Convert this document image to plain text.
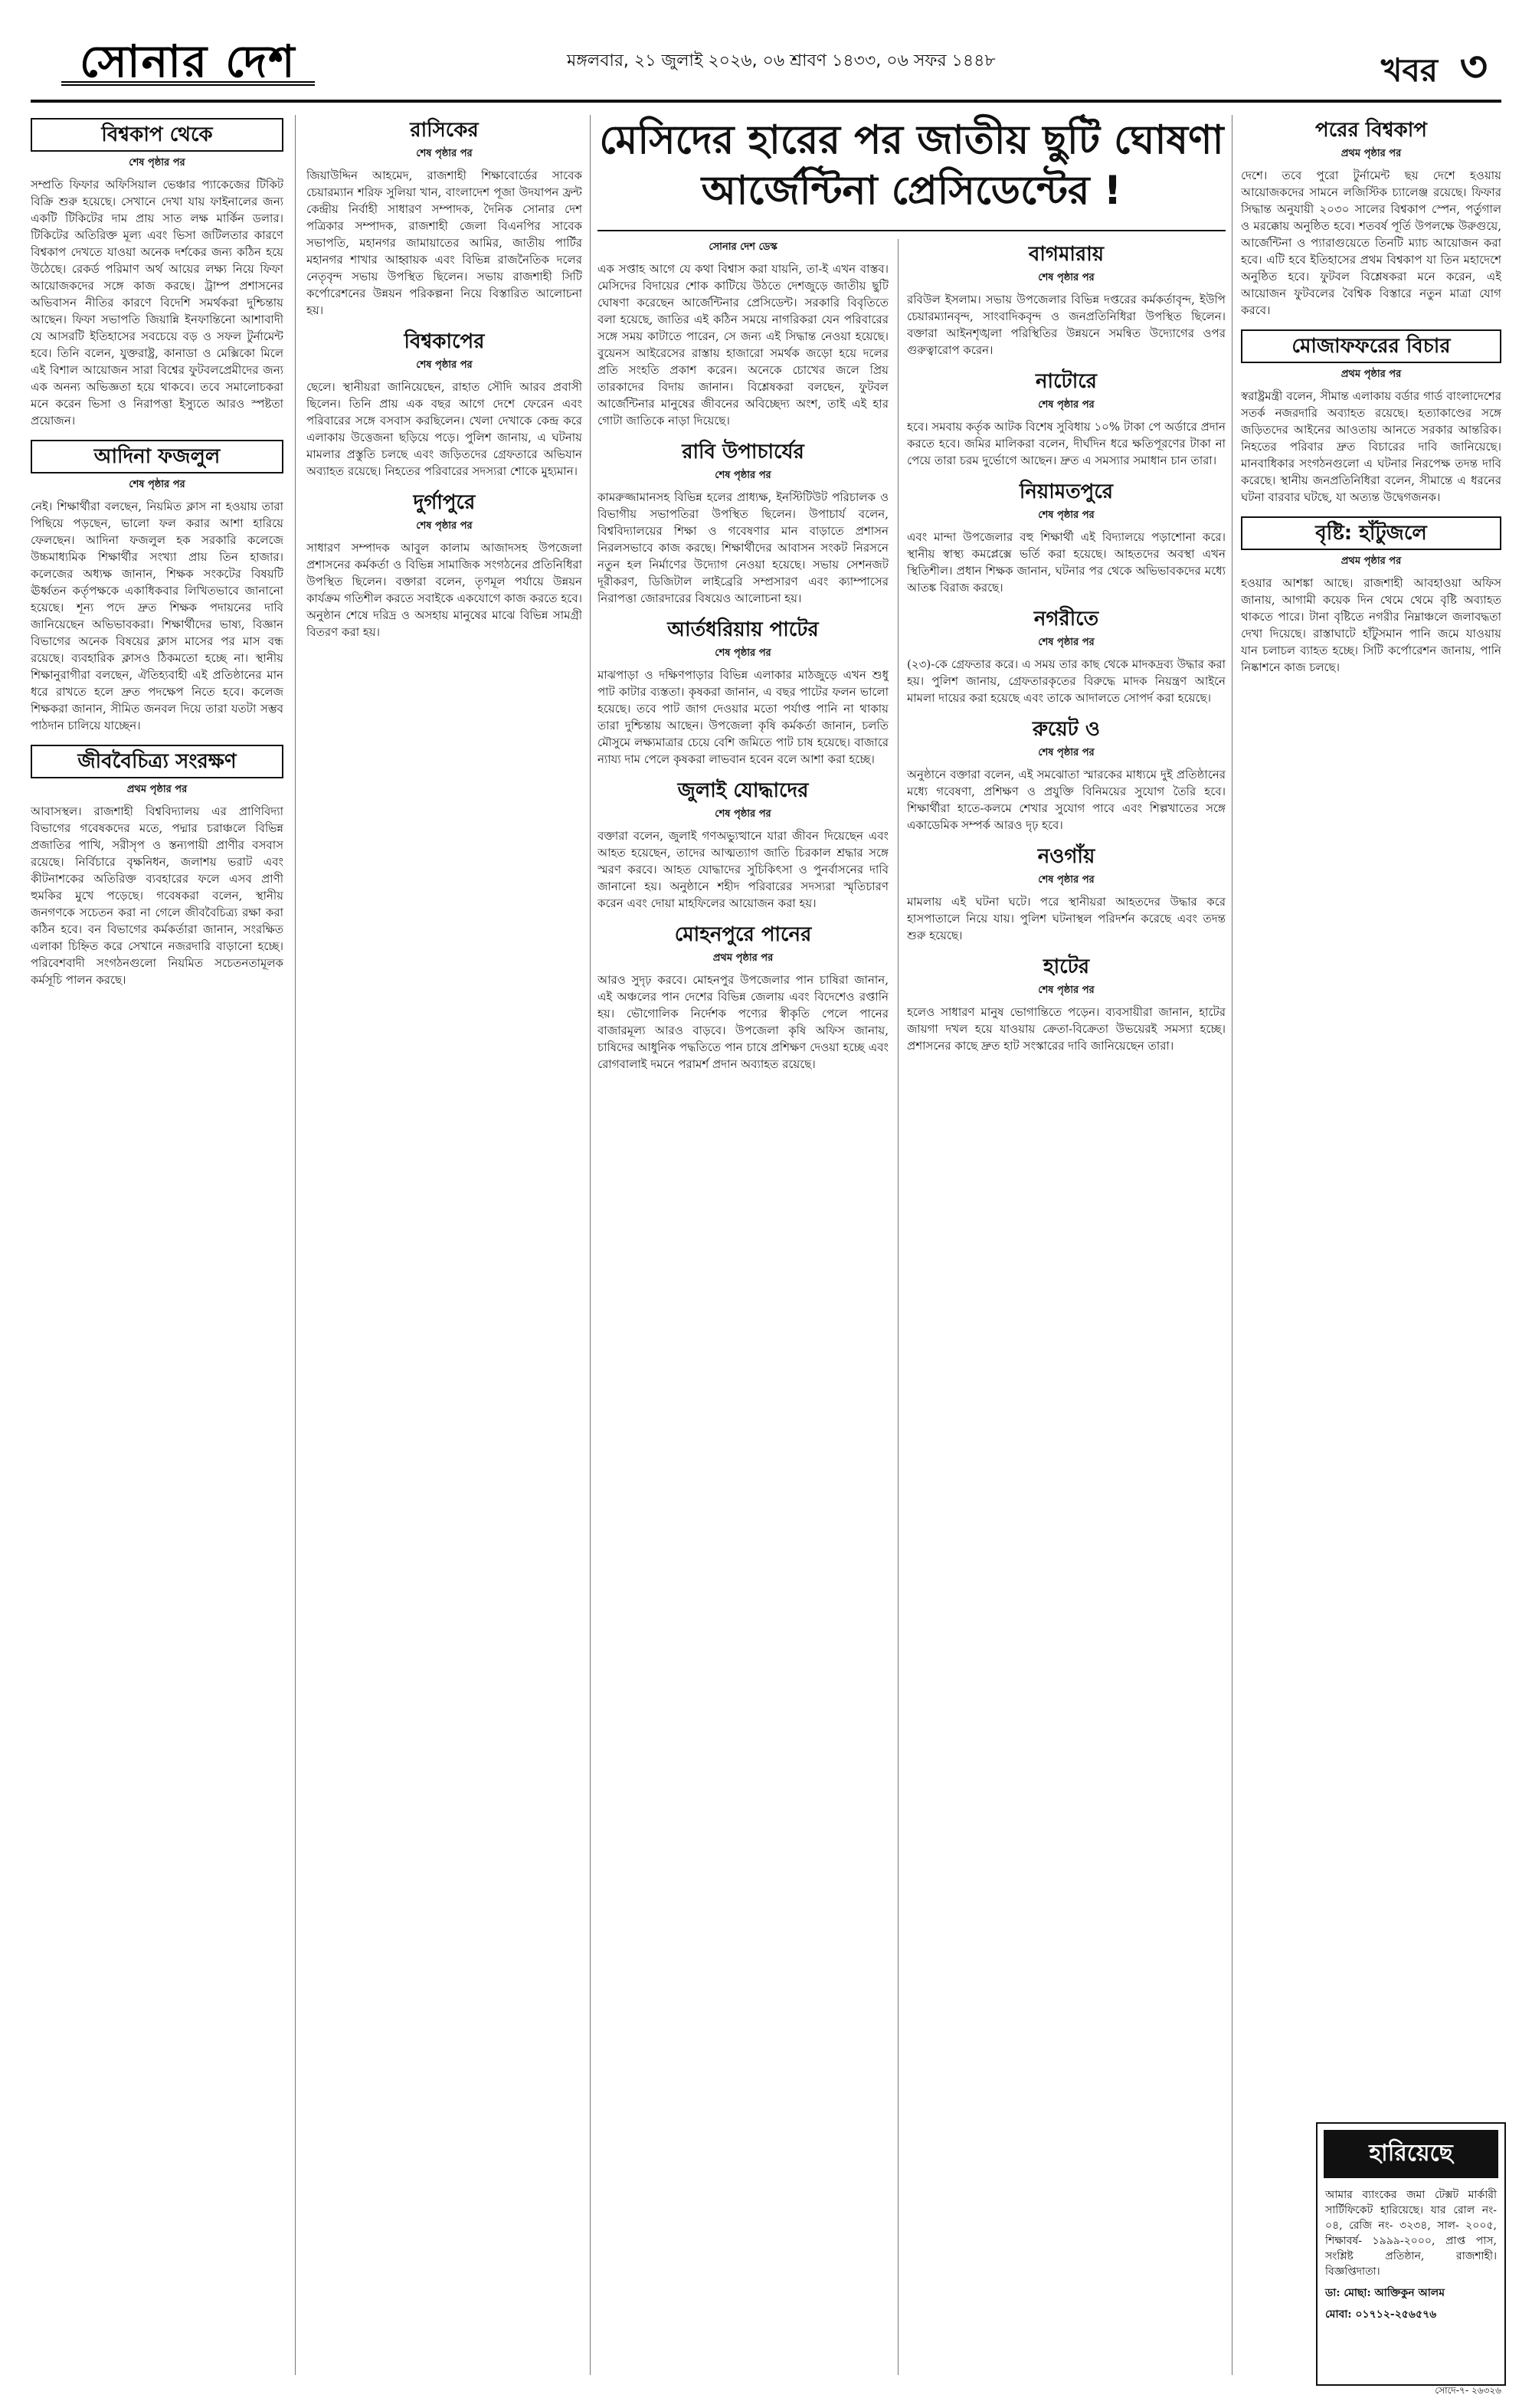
সোনার দেশ	মঙ্গলবার, ২১ জুলাই ২০২৬, ০৬ শ্রাবণ ১৪৩৩, ০৬ সফর ১৪৪৮	খবর ৩
বিশ্বকাপ থেকে
শেষ পৃষ্ঠার পর
সম্প্রতি ফিফার অফিসিয়াল ভেঞ্চার প্যাকেজের টিকিট বিক্রি শুরু হয়েছে। সেখানে দেখা যায় ফাইনালের জন্য একটি টিকিটের দাম প্রায় সাত লক্ষ মার্কিন ডলার। টিকিটের অতিরিক্ত মূল্য এবং ভিসা জটিলতার কারণে বিশ্বকাপ দেখতে যাওয়া অনেক দর্শকের জন্য কঠিন হয়ে উঠেছে। রেকর্ড পরিমাণ অর্থ আয়ের লক্ষ্য নিয়ে ফিফা আয়োজকদের সঙ্গে কাজ করছে। ট্রাম্প প্রশাসনের অভিবাসন নীতির কারণে বিদেশি সমর্থকরা দুশ্চিন্তায় আছেন। ফিফা সভাপতি জিয়ান্নি ইনফান্তিনো আশাবাদী যে আসরটি ইতিহাসের সবচেয়ে বড় ও সফল টুর্নামেন্ট হবে। তিনি বলেন, যুক্তরাষ্ট্র, কানাডা ও মেক্সিকো মিলে এই বিশাল আয়োজন সারা বিশ্বের ফুটবলপ্রেমীদের জন্য এক অনন্য অভিজ্ঞতা হয়ে থাকবে। তবে সমালোচকরা মনে করেন ভিসা ও নিরাপত্তা ইস্যুতে আরও স্পষ্টতা প্রয়োজন।
আদিনা ফজলুল
শেষ পৃষ্ঠার পর
নেই। শিক্ষার্থীরা বলছেন, নিয়মিত ক্লাস না হওয়ায় তারা পিছিয়ে পড়ছেন, ভালো ফল করার আশা হারিয়ে ফেলছেন। আদিনা ফজলুল হক সরকারি কলেজে উচ্চমাধ্যমিক শিক্ষার্থীর সংখ্যা প্রায় তিন হাজার। কলেজের অধ্যক্ষ জানান, শিক্ষক সংকটের বিষয়টি ঊর্ধ্বতন কর্তৃপক্ষকে একাধিকবার লিখিতভাবে জানানো হয়েছে। শূন্য পদে দ্রুত শিক্ষক পদায়নের দাবি জানিয়েছেন অভিভাবকরা। শিক্ষার্থীদের ভাষ্য, বিজ্ঞান বিভাগের অনেক বিষয়ের ক্লাস মাসের পর মাস বন্ধ রয়েছে। ব্যবহারিক ক্লাসও ঠিকমতো হচ্ছে না। স্থানীয় শিক্ষানুরাগীরা বলছেন, ঐতিহ্যবাহী এই প্রতিষ্ঠানের মান ধরে রাখতে হলে দ্রুত পদক্ষেপ নিতে হবে। কলেজ শিক্ষকরা জানান, সীমিত জনবল দিয়ে তারা যতটা সম্ভব পাঠদান চালিয়ে যাচ্ছেন।
জীববৈচিত্র্য সংরক্ষণ
প্রথম পৃষ্ঠার পর
আবাসস্থল। রাজশাহী বিশ্ববিদ্যালয় এর প্রাণিবিদ্যা বিভাগের গবেষকদের মতে, পদ্মার চরাঞ্চলে বিভিন্ন প্রজাতির পাখি, সরীসৃপ ও স্তন্যপায়ী প্রাণীর বসবাস রয়েছে। নির্বিচারে বৃক্ষনিধন, জলাশয় ভরাট এবং কীটনাশকের অতিরিক্ত ব্যবহারের ফলে এসব প্রাণী হুমকির মুখে পড়েছে। গবেষকরা বলেন, স্থানীয় জনগণকে সচেতন করা না গেলে জীববৈচিত্র্য রক্ষা করা কঠিন হবে। বন বিভাগের কর্মকর্তারা জানান, সংরক্ষিত এলাকা চিহ্নিত করে সেখানে নজরদারি বাড়ানো হচ্ছে। পরিবেশবাদী সংগঠনগুলো নিয়মিত সচেতনতামূলক কর্মসূচি পালন করছে।
রাসিকের
শেষ পৃষ্ঠার পর
জিয়াউদ্দিন আহমেদ, রাজশাহী শিক্ষাবোর্ডের সাবেক চেয়ারম্যান শরিফ সুলিয়া খান, বাংলাদেশ পূজা উদযাপন ফ্রন্ট কেন্দ্রীয় নির্বাহী সাধারণ সম্পাদক, দৈনিক সোনার দেশ পত্রিকার সম্পাদক, রাজশাহী জেলা বিএনপির সাবেক সভাপতি, মহানগর জামায়াতের আমির, জাতীয় পার্টির মহানগর শাখার আহ্বায়ক এবং বিভিন্ন রাজনৈতিক দলের নেতৃবৃন্দ সভায় উপস্থিত ছিলেন। সভায় রাজশাহী সিটি কর্পোরেশনের উন্নয়ন পরিকল্পনা নিয়ে বিস্তারিত আলোচনা হয়।
বিশ্বকাপের
শেষ পৃষ্ঠার পর
ছেলে। স্থানীয়রা জানিয়েছেন, রাহাত সৌদি আরব প্রবাসী ছিলেন। তিনি প্রায় এক বছর আগে দেশে ফেরেন এবং পরিবারের সঙ্গে বসবাস করছিলেন। খেলা দেখাকে কেন্দ্র করে এলাকায় উত্তেজনা ছড়িয়ে পড়ে। পুলিশ জানায়, এ ঘটনায় মামলার প্রস্তুতি চলছে এবং জড়িতদের গ্রেফতারে অভিযান অব্যাহত রয়েছে। নিহতের পরিবারের সদস্যরা শোকে মুহ্যমান।
দুর্গাপুরে
শেষ পৃষ্ঠার পর
সাধারণ সম্পাদক আবুল কালাম আজাদসহ উপজেলা প্রশাসনের কর্মকর্তা ও বিভিন্ন সামাজিক সংগঠনের প্রতিনিধিরা উপস্থিত ছিলেন। বক্তারা বলেন, তৃণমূল পর্যায়ে উন্নয়ন কার্যক্রম গতিশীল করতে সবাইকে একযোগে কাজ করতে হবে। অনুষ্ঠান শেষে দরিদ্র ও অসহায় মানুষের মাঝে বিভিন্ন সামগ্রী বিতরণ করা হয়।
মেসিদের হারের পর জাতীয় ছুটি ঘোষণা আর্জেন্টিনা প্রেসিডেন্টের !
সোনার দেশ ডেস্ক
এক সপ্তাহ আগে যে কথা বিশ্বাস করা যায়নি, তা-ই এখন বাস্তব। মেসিদের বিদায়ের শোক কাটিয়ে উঠতে দেশজুড়ে জাতীয় ছুটি ঘোষণা করেছেন আর্জেন্টিনার প্রেসিডেন্ট। সরকারি বিবৃতিতে বলা হয়েছে, জাতির এই কঠিন সময়ে নাগরিকরা যেন পরিবারের সঙ্গে সময় কাটাতে পারেন, সে জন্য এই সিদ্ধান্ত নেওয়া হয়েছে। বুয়েনস আইরেসের রাস্তায় হাজারো সমর্থক জড়ো হয়ে দলের প্রতি সংহতি প্রকাশ করেন। অনেকে চোখের জলে প্রিয় তারকাদের বিদায় জানান। বিশ্লেষকরা বলছেন, ফুটবল আর্জেন্টিনার মানুষের জীবনের অবিচ্ছেদ্য অংশ, তাই এই হার গোটা জাতিকে নাড়া দিয়েছে।
রাবি উপাচার্যের
শেষ পৃষ্ঠার পর
কামরুজ্জামানসহ বিভিন্ন হলের প্রাধ্যক্ষ, ইনস্টিটিউট পরিচালক ও বিভাগীয় সভাপতিরা উপস্থিত ছিলেন। উপাচার্য বলেন, বিশ্ববিদ্যালয়ের শিক্ষা ও গবেষণার মান বাড়াতে প্রশাসন নিরলসভাবে কাজ করছে। শিক্ষার্থীদের আবাসন সংকট নিরসনে নতুন হল নির্মাণের উদ্যোগ নেওয়া হয়েছে। সভায় সেশনজট দূরীকরণ, ডিজিটাল লাইব্রেরি সম্প্রসারণ এবং ক্যাম্পাসের নিরাপত্তা জোরদারের বিষয়েও আলোচনা হয়।
আর্তধরিয়ায় পাটের
শেষ পৃষ্ঠার পর
মাঝপাড়া ও দক্ষিণপাড়ার বিভিন্ন এলাকার মাঠজুড়ে এখন শুধু পাট কাটার ব্যস্ততা। কৃষকরা জানান, এ বছর পাটের ফলন ভালো হয়েছে। তবে পাট জাগ দেওয়ার মতো পর্যাপ্ত পানি না থাকায় তারা দুশ্চিন্তায় আছেন। উপজেলা কৃষি কর্মকর্তা জানান, চলতি মৌসুমে লক্ষ্যমাত্রার চেয়ে বেশি জমিতে পাট চাষ হয়েছে। বাজারে ন্যায্য দাম পেলে কৃষকরা লাভবান হবেন বলে আশা করা হচ্ছে।
জুলাই যোদ্ধাদের
শেষ পৃষ্ঠার পর
বক্তারা বলেন, জুলাই গণঅভ্যুত্থানে যারা জীবন দিয়েছেন এবং আহত হয়েছেন, তাদের আত্মত্যাগ জাতি চিরকাল শ্রদ্ধার সঙ্গে স্মরণ করবে। আহত যোদ্ধাদের সুচিকিৎসা ও পুনর্বাসনের দাবি জানানো হয়। অনুষ্ঠানে শহীদ পরিবারের সদস্যরা স্মৃতিচারণ করেন এবং দোয়া মাহফিলের আয়োজন করা হয়।
মোহনপুরে পানের
প্রথম পৃষ্ঠার পর
আরও সুদৃঢ় করবে। মোহনপুর উপজেলার পান চাষিরা জানান, এই অঞ্চলের পান দেশের বিভিন্ন জেলায় এবং বিদেশেও রপ্তানি হয়। ভৌগোলিক নির্দেশক পণ্যের স্বীকৃতি পেলে পানের বাজারমূল্য আরও বাড়বে। উপজেলা কৃষি অফিস জানায়, চাষিদের আধুনিক পদ্ধতিতে পান চাষে প্রশিক্ষণ দেওয়া হচ্ছে এবং রোগবালাই দমনে পরামর্শ প্রদান অব্যাহত রয়েছে।
বাগমারায়
শেষ পৃষ্ঠার পর
রবিউল ইসলাম। সভায় উপজেলার বিভিন্ন দপ্তরের কর্মকর্তাবৃন্দ, ইউপি চেয়ারম্যানবৃন্দ, সাংবাদিকবৃন্দ ও জনপ্রতিনিধিরা উপস্থিত ছিলেন। বক্তারা আইনশৃঙ্খলা পরিস্থিতির উন্নয়নে সমন্বিত উদ্যোগের ওপর গুরুত্বারোপ করেন।
নাটোরে
শেষ পৃষ্ঠার পর
হবে। সমবায় কর্তৃক আটক বিশেষ সুবিধায় ১০% টাকা পে অর্ডারে প্রদান করতে হবে। জমির মালিকরা বলেন, দীর্ঘদিন ধরে ক্ষতিপূরণের টাকা না পেয়ে তারা চরম দুর্ভোগে আছেন। দ্রুত এ সমস্যার সমাধান চান তারা।
নিয়ামতপুরে
শেষ পৃষ্ঠার পর
এবং মান্দা উপজেলার বহু শিক্ষার্থী এই বিদ্যালয়ে পড়াশোনা করে। স্থানীয় স্বাস্থ্য কমপ্লেক্সে ভর্তি করা হয়েছে। আহতদের অবস্থা এখন স্থিতিশীল। প্রধান শিক্ষক জানান, ঘটনার পর থেকে অভিভাবকদের মধ্যে আতঙ্ক বিরাজ করছে।
নগরীতে
শেষ পৃষ্ঠার পর
(২৩)-কে গ্রেফতার করে। এ সময় তার কাছ থেকে মাদকদ্রব্য উদ্ধার করা হয়। পুলিশ জানায়, গ্রেফতারকৃতের বিরুদ্ধে মাদক নিয়ন্ত্রণ আইনে মামলা দায়ের করা হয়েছে এবং তাকে আদালতে সোপর্দ করা হয়েছে।
রুয়েট ও
শেষ পৃষ্ঠার পর
অনুষ্ঠানে বক্তারা বলেন, এই সমঝোতা স্মারকের মাধ্যমে দুই প্রতিষ্ঠানের মধ্যে গবেষণা, প্রশিক্ষণ ও প্রযুক্তি বিনিময়ের সুযোগ তৈরি হবে। শিক্ষার্থীরা হাতে-কলমে শেখার সুযোগ পাবে এবং শিল্পখাতের সঙ্গে একাডেমিক সম্পর্ক আরও দৃঢ় হবে।
নওগাঁয়
শেষ পৃষ্ঠার পর
মামলায় এই ঘটনা ঘটে। পরে স্থানীয়রা আহতদের উদ্ধার করে হাসপাতালে নিয়ে যায়। পুলিশ ঘটনাস্থল পরিদর্শন করেছে এবং তদন্ত শুরু হয়েছে।
হাটের
শেষ পৃষ্ঠার পর
হলেও সাধারণ মানুষ ভোগান্তিতে পড়েন। ব্যবসায়ীরা জানান, হাটের জায়গা দখল হয়ে যাওয়ায় ক্রেতা-বিক্রেতা উভয়েরই সমস্যা হচ্ছে। প্রশাসনের কাছে দ্রুত হাট সংস্কারের দাবি জানিয়েছেন তারা।
পরের বিশ্বকাপ
প্রথম পৃষ্ঠার পর
দেশে। তবে পুরো টুর্নামেন্ট ছয় দেশে হওয়ায় আয়োজকদের সামনে লজিস্টিক চ্যালেঞ্জ রয়েছে। ফিফার সিদ্ধান্ত অনুযায়ী ২০৩০ সালের বিশ্বকাপ স্পেন, পর্তুগাল ও মরক্কোয় অনুষ্ঠিত হবে। শতবর্ষ পূর্তি উপলক্ষে উরুগুয়ে, আর্জেন্টিনা ও প্যারাগুয়েতে তিনটি ম্যাচ আয়োজন করা হবে। এটি হবে ইতিহাসের প্রথম বিশ্বকাপ যা তিন মহাদেশে অনুষ্ঠিত হবে। ফুটবল বিশ্লেষকরা মনে করেন, এই আয়োজন ফুটবলের বৈশ্বিক বিস্তারে নতুন মাত্রা যোগ করবে।
মোজাফফরের বিচার
প্রথম পৃষ্ঠার পর
স্বরাষ্ট্রমন্ত্রী বলেন, সীমান্ত এলাকায় বর্ডার গার্ড বাংলাদেশের সতর্ক নজরদারি অব্যাহত রয়েছে। হত্যাকাণ্ডের সঙ্গে জড়িতদের আইনের আওতায় আনতে সরকার আন্তরিক। নিহতের পরিবার দ্রুত বিচারের দাবি জানিয়েছে। মানবাধিকার সংগঠনগুলো এ ঘটনার নিরপেক্ষ তদন্ত দাবি করেছে। স্থানীয় জনপ্রতিনিধিরা বলেন, সীমান্তে এ ধরনের ঘটনা বারবার ঘটছে, যা অত্যন্ত উদ্বেগজনক।
বৃষ্টি: হাঁটুজলে
প্রথম পৃষ্ঠার পর
হওয়ার আশঙ্কা আছে। রাজশাহী আবহাওয়া অফিস জানায়, আগামী কয়েক দিন থেমে থেমে বৃষ্টি অব্যাহত থাকতে পারে। টানা বৃষ্টিতে নগরীর নিম্নাঞ্চলে জলাবদ্ধতা দেখা দিয়েছে। রাস্তাঘাটে হাঁটুসমান পানি জমে যাওয়ায় যান চলাচল ব্যাহত হচ্ছে। সিটি কর্পোরেশন জানায়, পানি নিষ্কাশনে কাজ চলছে।
হারিয়েছে
আমার ব্যাংকের জমা টেক্সট মার্কারী সার্টিফিকেট হারিয়েছে। যার রোল নং- ০৪, রেজি নং- ৩২৩৪, সাল- ২০০৫, শিক্ষাবর্ষ- ১৯৯৯-২০০০, প্রাপ্ত পাস, সংশ্লিষ্ট প্রতিষ্ঠান, রাজশাহী। বিজ্ঞপ্তিদাতা।
ডা: মোছা: আক্তিকুন আলম
মোবা: ০১৭১২-২৫৬৫৭৬
সোদে-৭- ২৬৩২৬
